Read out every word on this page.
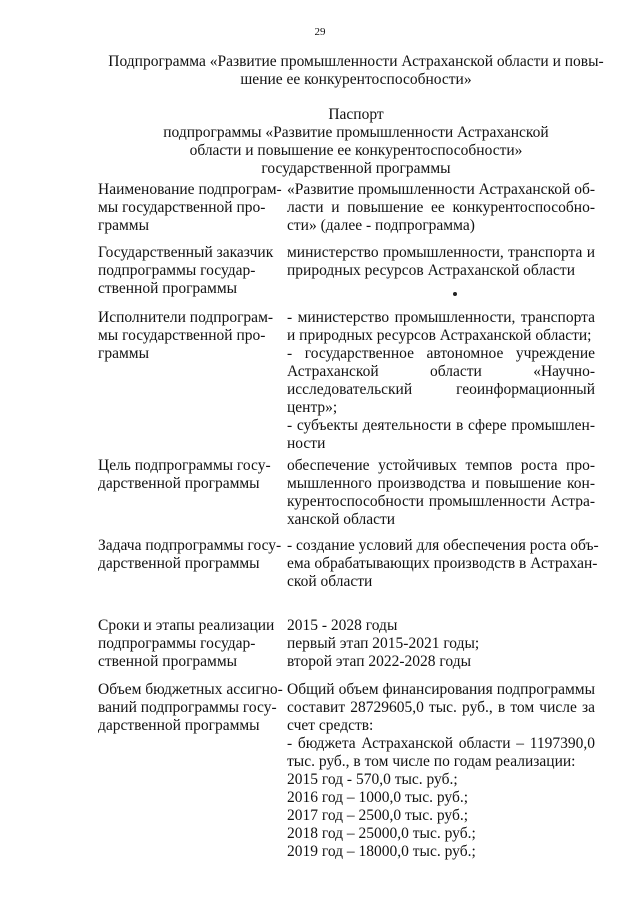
29
Подпрограмма «Развитие промышленности Астраханской области и повы-
шение ее конкурентоспособности»
Паспорт
подпрограммы «Развитие промышленности Астраханской
области и повышение ее конкурентоспособности»
государственной программы
Наименование подпрограм-
мы государственной про-
граммы
«Развитие промышленности Астраханской об-
ласти и повышение ее конкурентоспособно-
сти» (далее - подпрограмма)
Государственный заказчик
подпрограммы государ-
ственной программы
министерство промышленности, транспорта и
природных ресурсов Астраханской области
Исполнители подпрограм-
мы государственной про-
граммы
- министерство промышленности, транспорта
и природных ресурсов Астраханской области;
- государственное автономное учреждение
Астраханской области «Научно-
исследовательский геоинформационный
центр»;
- субъекты деятельности в сфере промышлен-
ности
Цель подпрограммы госу-
дарственной программы
обеспечение устойчивых темпов роста про-
мышленного производства и повышение кон-
курентоспособности промышленности Астра-
ханской области
Задача подпрограммы госу-
дарственной программы
- создание условий для обеспечения роста объ-
ема обрабатывающих производств в Астрахан-
ской области
Сроки и этапы реализации
подпрограммы государ-
ственной программы
2015 - 2028 годы
первый этап 2015-2021 годы;
второй этап 2022-2028 годы
Объем бюджетных ассигно-
ваний подпрограммы госу-
дарственной программы
Общий объем финансирования подпрограммы
составит 28729605,0 тыс. руб., в том числе за
счет средств:
- бюджета Астраханской области – 1197390,0
тыс. руб., в том числе по годам реализации:
2015 год - 570,0 тыс. руб.;
2016 год – 1000,0 тыс. руб.;
2017 год – 2500,0 тыс. руб.;
2018 год – 25000,0 тыс. руб.;
2019 год – 18000,0 тыс. руб.;
